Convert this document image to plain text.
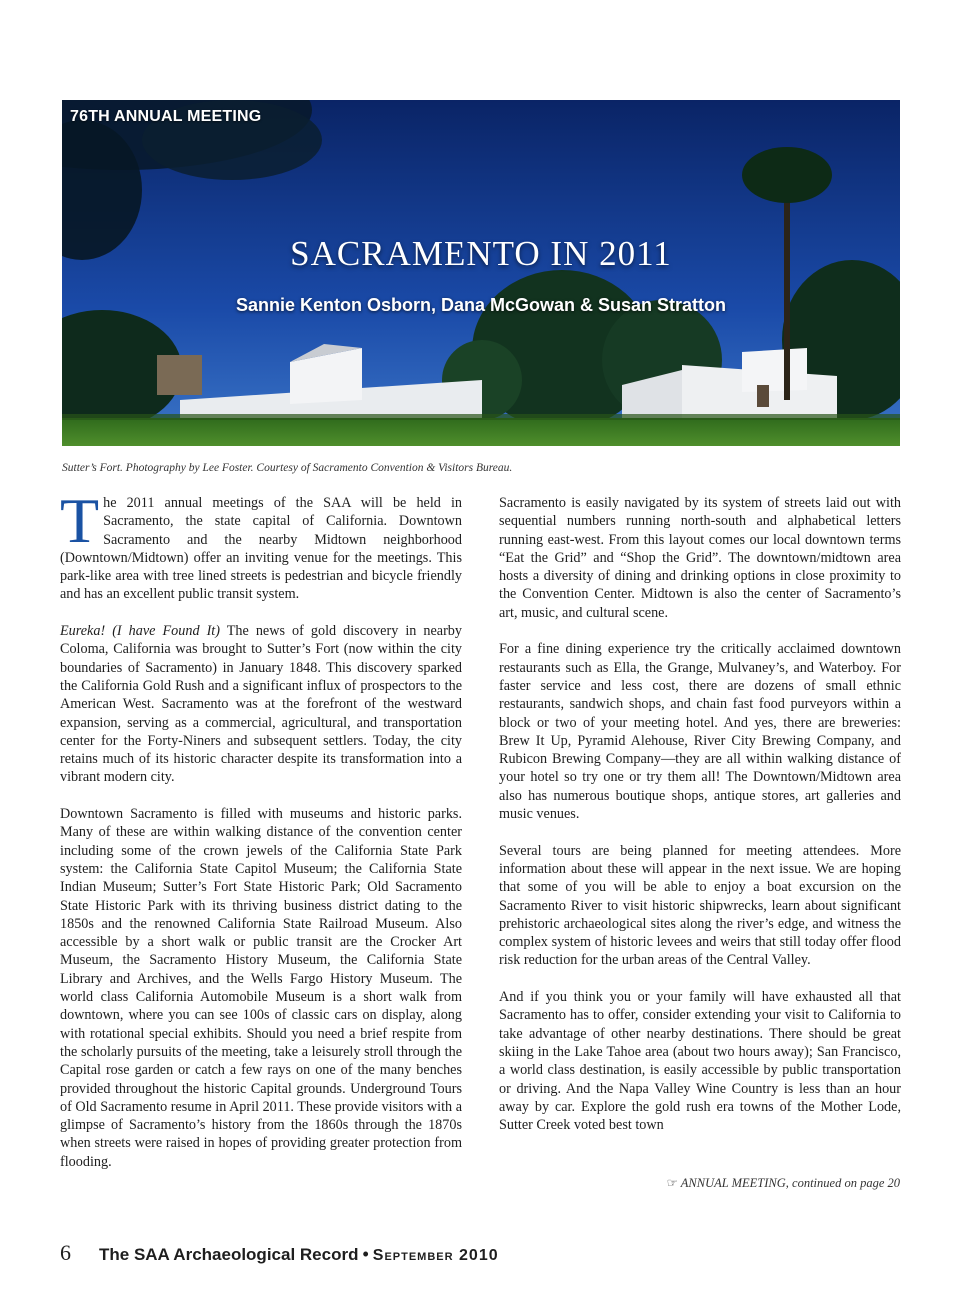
76TH ANNUAL MEETING
SACRAMENTO IN 2011
Sannie Kenton Osborn, Dana McGowan & Susan Stratton
Sutter’s Fort. Photography by Lee Foster. Courtesy of Sacramento Convention & Visitors Bureau.

The 2011 annual meetings of the SAA will be held in Sacramento, the state capital of California. Downtown Sacramento and the nearby Midtown neighborhood (Downtown/Midtown) offer an inviting venue for the meetings. This park-like area with tree lined streets is pedestrian and bicycle friendly and has an excellent public transit system.

Eureka! (I have Found It) The news of gold discovery in nearby Coloma, California was brought to Sutter’s Fort (now within the city boundaries of Sacramento) in January 1848. This discovery sparked the California Gold Rush and a significant influx of prospectors to the American West. Sacramento was at the forefront of the westward expansion, serving as a commercial, agricultural, and transportation center for the Forty-Niners and subsequent settlers. Today, the city retains much of its historic character despite its transformation into a vibrant modern city.

Downtown Sacramento is filled with museums and historic parks. Many of these are within walking distance of the convention center including some of the crown jewels of the California State Park system: the California State Capitol Museum; the California State Indian Museum; Sutter’s Fort State Historic Park; Old Sacramento State Historic Park with its thriving business district dating to the 1850s and the renowned California State Railroad Museum. Also accessible by a short walk or public transit are the Crocker Art Museum, the Sacramento History Museum, the California State Library and Archives, and the Wells Fargo History Museum. The world class California Automobile Museum is a short walk from downtown, where you can see 100s of classic cars on display, along with rotational special exhibits. Should you need a brief respite from the scholarly pursuits of the meeting, take a leisurely stroll through the Capital rose garden or catch a few rays on one of the many benches provided throughout the historic Capital grounds. Underground Tours of Old Sacramento resume in April 2011. These provide visitors with a glimpse of Sacramento’s history from the 1860s through the 1870s when streets were raised in hopes of providing greater protection from flooding.

Sacramento is easily navigated by its system of streets laid out with sequential numbers running north-south and alphabetical letters running east-west. From this layout comes our local downtown terms “Eat the Grid” and “Shop the Grid”. The downtown/midtown area hosts a diversity of dining and drinking options in close proximity to the Convention Center. Midtown is also the center of Sacramento’s art, music, and cultural scene.

For a fine dining experience try the critically acclaimed downtown restaurants such as Ella, the Grange, Mulvaney’s, and Waterboy. For faster service and less cost, there are dozens of small ethnic restaurants, sandwich shops, and chain fast food purveyors within a block or two of your meeting hotel. And yes, there are breweries: Brew It Up, Pyramid Alehouse, River City Brewing Company, and Rubicon Brewing Company—they are all within walking distance of your hotel so try one or try them all! The Downtown/Midtown area also has numerous boutique shops, antique stores, art galleries and music venues.

Several tours are being planned for meeting attendees. More information about these will appear in the next issue. We are hoping that some of you will be able to enjoy a boat excursion on the Sacramento River to visit historic shipwrecks, learn about significant prehistoric archaeological sites along the river’s edge, and witness the complex system of historic levees and weirs that still today offer flood risk reduction for the urban areas of the Central Valley.

And if you think you or your family will have exhausted all that Sacramento has to offer, consider extending your visit to California to take advantage of other nearby destinations. There should be great skiing in the Lake Tahoe area (about two hours away); San Francisco, a world class destination, is easily accessible by public transportation or driving. And the Napa Valley Wine Country is less than an hour away by car. Explore the gold rush era towns of the Mother Lode, Sutter Creek voted best town

☞ ANNUAL MEETING, continued on page 20
6 The SAA Archaeological Record • September 2010
